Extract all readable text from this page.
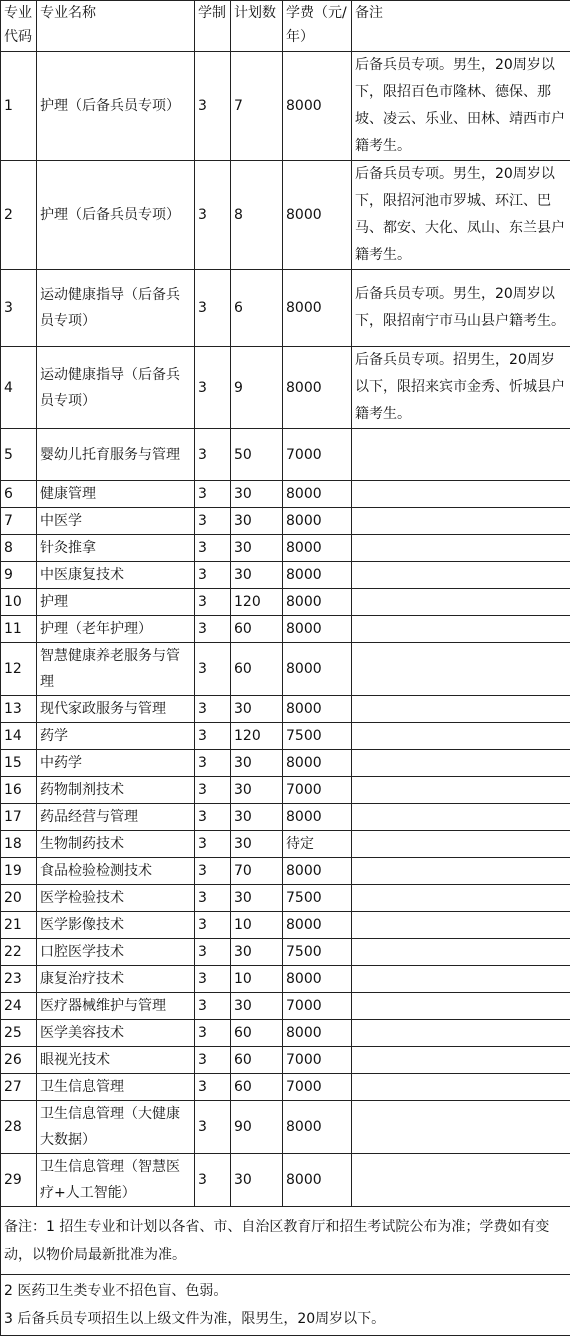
专业代码	专业名称	学制	计划数	学费（元/年）	备注
1	护理（后备兵员专项）	3	7	8000	后备兵员专项。男生，20周岁以下，限招百色市隆林、德保、那坡、凌云、乐业、田林、靖西市户籍考生。
2	护理（后备兵员专项）	3	8	8000	后备兵员专项。男生，20周岁以下，限招河池市罗城、环江、巴马、都安、大化、凤山、东兰县户籍考生。
3	运动健康指导（后备兵员专项）	3	6	8000	后备兵员专项。男生，20周岁以下，限招南宁市马山县户籍考生。
4	运动健康指导（后备兵员专项）	3	9	8000	后备兵员专项。招男生，20周岁以下，限招来宾市金秀、忻城县户籍考生。
5	婴幼儿托育服务与管理	3	50	7000	
6	健康管理	3	30	8000	
7	中医学	3	30	8000	
8	针灸推拿	3	30	8000	
9	中医康复技术	3	30	8000	
10	护理	3	120	8000	
11	护理（老年护理）	3	60	8000	
12	智慧健康养老服务与管理	3	60	8000	
13	现代家政服务与管理	3	30	8000	
14	药学	3	120	7500	
15	中药学	3	30	8000	
16	药物制剂技术	3	30	7000	
17	药品经营与管理	3	30	8000	
18	生物制药技术	3	30	待定	
19	食品检验检测技术	3	70	8000	
20	医学检验技术	3	30	7500	
21	医学影像技术	3	10	8000	
22	口腔医学技术	3	30	7500	
23	康复治疗技术	3	10	8000	
24	医疗器械维护与管理	3	30	7000	
25	医学美容技术	3	60	8000	
26	眼视光技术	3	60	7000	
27	卫生信息管理	3	60	7000	
28	卫生信息管理（大健康大数据）	3	90	8000	
29	卫生信息管理（智慧医疗+人工智能）	3	30	8000	
备注：1 招生专业和计划以各省、市、自治区教育厅和招生考试院公布为准；学费如有变动，以物价局最新批准为准。					

2 医药卫生类专业不招色盲、色弱。
3 后备兵员专项招生以上级文件为准，限男生，20周岁以下。					
